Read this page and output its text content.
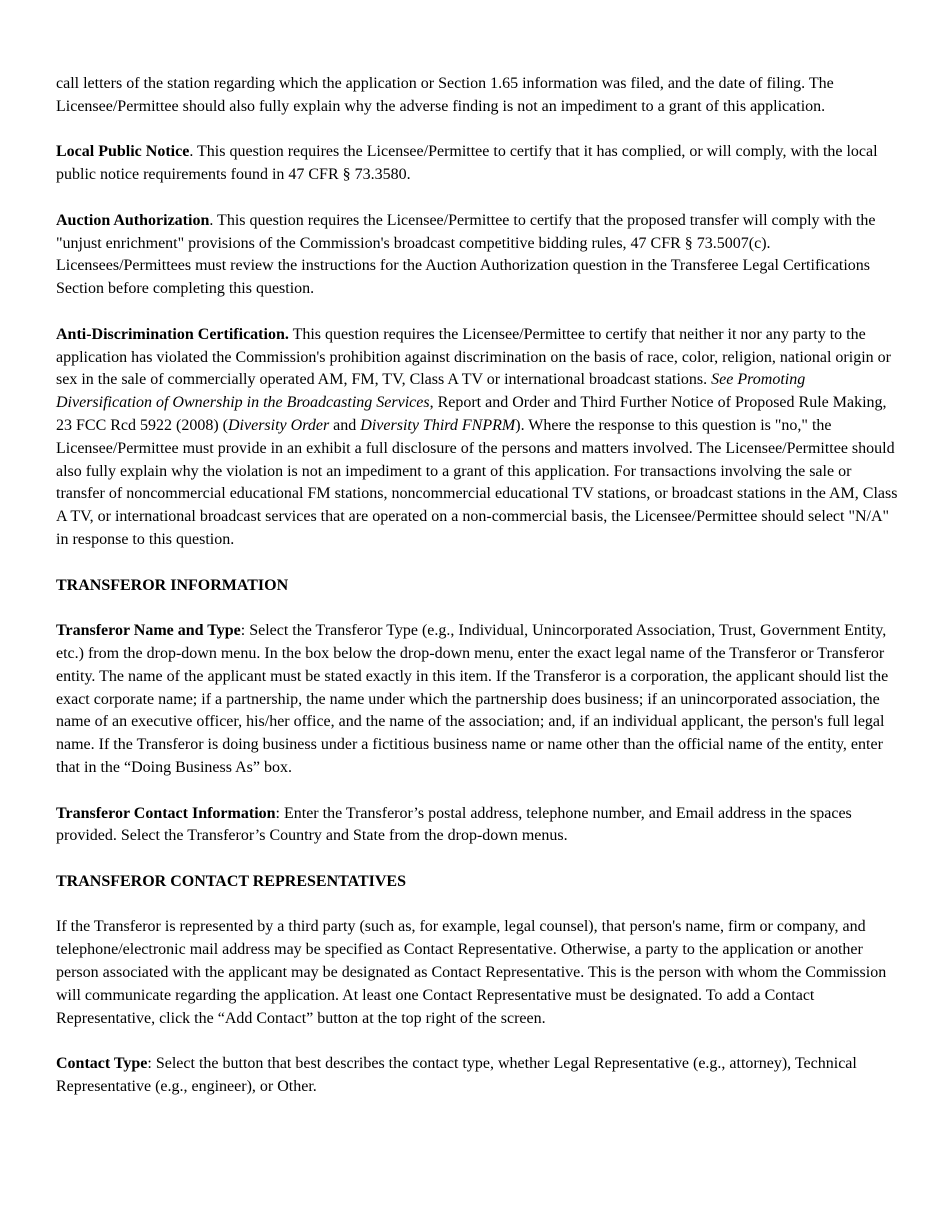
call letters of the station regarding which the application or Section 1.65 information was filed, and the date of filing. The Licensee/Permittee should also fully explain why the adverse finding is not an impediment to a grant of this application.

Local Public Notice. This question requires the Licensee/Permittee to certify that it has complied, or will comply, with the local public notice requirements found in 47 CFR § 73.3580.

Auction Authorization. This question requires the Licensee/Permittee to certify that the proposed transfer will comply with the "unjust enrichment" provisions of the Commission's broadcast competitive bidding rules, 47 CFR § 73.5007(c). Licensees/Permittees must review the instructions for the Auction Authorization question in the Transferee Legal Certifications Section before completing this question.

Anti-Discrimination Certification. This question requires the Licensee/Permittee to certify that neither it nor any party to the application has violated the Commission's prohibition against discrimination on the basis of race, color, religion, national origin or sex in the sale of commercially operated AM, FM, TV, Class A TV or international broadcast stations. See Promoting Diversification of Ownership in the Broadcasting Services, Report and Order and Third Further Notice of Proposed Rule Making, 23 FCC Rcd 5922 (2008) (Diversity Order and Diversity Third FNPRM). Where the response to this question is "no," the Licensee/Permittee must provide in an exhibit a full disclosure of the persons and matters involved. The Licensee/Permittee should also fully explain why the violation is not an impediment to a grant of this application. For transactions involving the sale or transfer of noncommercial educational FM stations, noncommercial educational TV stations, or broadcast stations in the AM, Class A TV, or international broadcast services that are operated on a non-commercial basis, the Licensee/Permittee should select "N/A" in response to this question.

TRANSFEROR INFORMATION

Transferor Name and Type: Select the Transferor Type (e.g., Individual, Unincorporated Association, Trust, Government Entity, etc.) from the drop-down menu. In the box below the drop-down menu, enter the exact legal name of the Transferor or Transferor entity. The name of the applicant must be stated exactly in this item. If the Transferor is a corporation, the applicant should list the exact corporate name; if a partnership, the name under which the partnership does business; if an unincorporated association, the name of an executive officer, his/her office, and the name of the association; and, if an individual applicant, the person's full legal name. If the Transferor is doing business under a fictitious business name or name other than the official name of the entity, enter that in the “Doing Business As” box.

Transferor Contact Information: Enter the Transferor’s postal address, telephone number, and Email address in the spaces provided. Select the Transferor’s Country and State from the drop-down menus.

TRANSFEROR CONTACT REPRESENTATIVES

If the Transferor is represented by a third party (such as, for example, legal counsel), that person's name, firm or company, and telephone/electronic mail address may be specified as Contact Representative. Otherwise, a party to the application or another person associated with the applicant may be designated as Contact Representative. This is the person with whom the Commission will communicate regarding the application. At least one Contact Representative must be designated. To add a Contact Representative, click the “Add Contact” button at the top right of the screen.

Contact Type: Select the button that best describes the contact type, whether Legal Representative (e.g., attorney), Technical Representative (e.g., engineer), or Other.
